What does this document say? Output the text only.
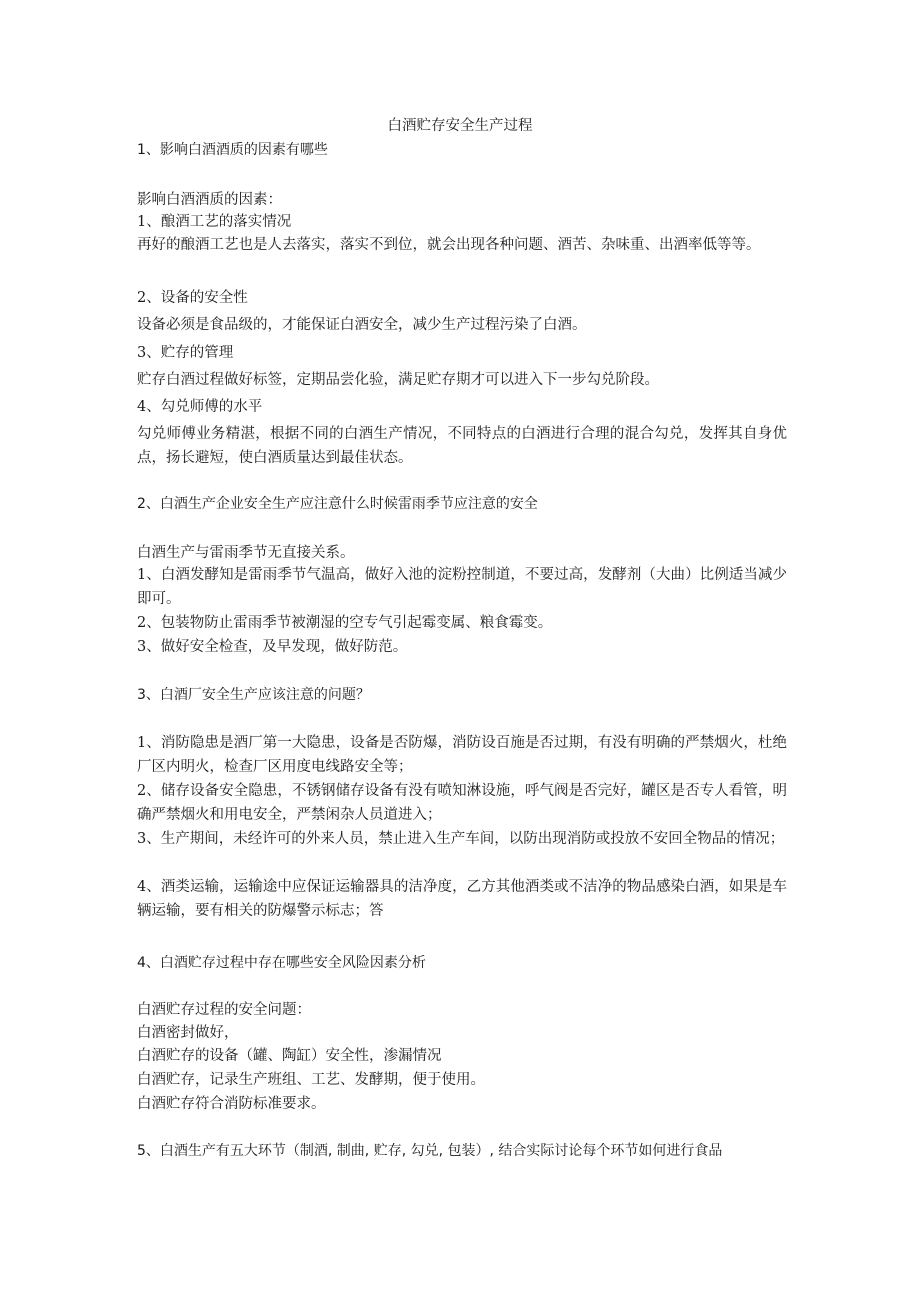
白酒贮存安全生产过程
1、影响白酒酒质的因素有哪些
影响白酒酒质的因素：
1、酿酒工艺的落实情况
再好的酿酒工艺也是人去落实，落实不到位，就会出现各种问题、酒苦、杂味重、出酒率低等等。
2、设备的安全性
设备必须是食品级的，才能保证白酒安全，减少生产过程污染了白酒。
3、贮存的管理
贮存白酒过程做好标签，定期品尝化验，满足贮存期才可以进入下一步勾兑阶段。
4、勾兑师傅的水平
勾兑师傅业务精湛，根据不同的白酒生产情况，不同特点的白酒进行合理的混合勾兑，发挥其自身优点，扬长避短，使白酒质量达到最佳状态。
2、白酒生产企业安全生产应注意什么时候雷雨季节应注意的安全
白酒生产与雷雨季节无直接关系。
1、白酒发酵知是雷雨季节气温高，做好入池的淀粉控制道，不要过高，发酵剂（大曲）比例适当减少即可。
2、包装物防止雷雨季节被潮湿的空专气引起霉变属、粮食霉变。
3、做好安全检查，及早发现，做好防范。
3、白酒厂安全生产应该注意的问题？
1、消防隐患是酒厂第一大隐患，设备是否防爆，消防设百施是否过期，有没有明确的严禁烟火，杜绝厂区内明火，检查厂区用度电线路安全等；
2、储存设备安全隐患，不锈钢储存设备有没有喷知淋设施，呼气阀是否完好，罐区是否专人看管，明确严禁烟火和用电安全，严禁闲杂人员道进入；
3、生产期间，未经许可的外来人员，禁止进入生产车间，以防出现消防或投放不安回全物品的情况；
4、酒类运输，运输途中应保证运输器具的洁净度，乙方其他酒类或不洁净的物品感染白酒，如果是车辆运输，要有相关的防爆警示标志；答
4、白酒贮存过程中存在哪些安全风险因素分析
白酒贮存过程的安全问题：
白酒密封做好，
白酒贮存的设备（罐、陶缸）安全性，渗漏情况
白酒贮存，记录生产班组、工艺、发酵期，便于使用。
白酒贮存符合消防标准要求。
5、白酒生产有五大环节（制酒, 制曲, 贮存, 勾兑, 包装）, 结合实际讨论每个环节如何进行食品
